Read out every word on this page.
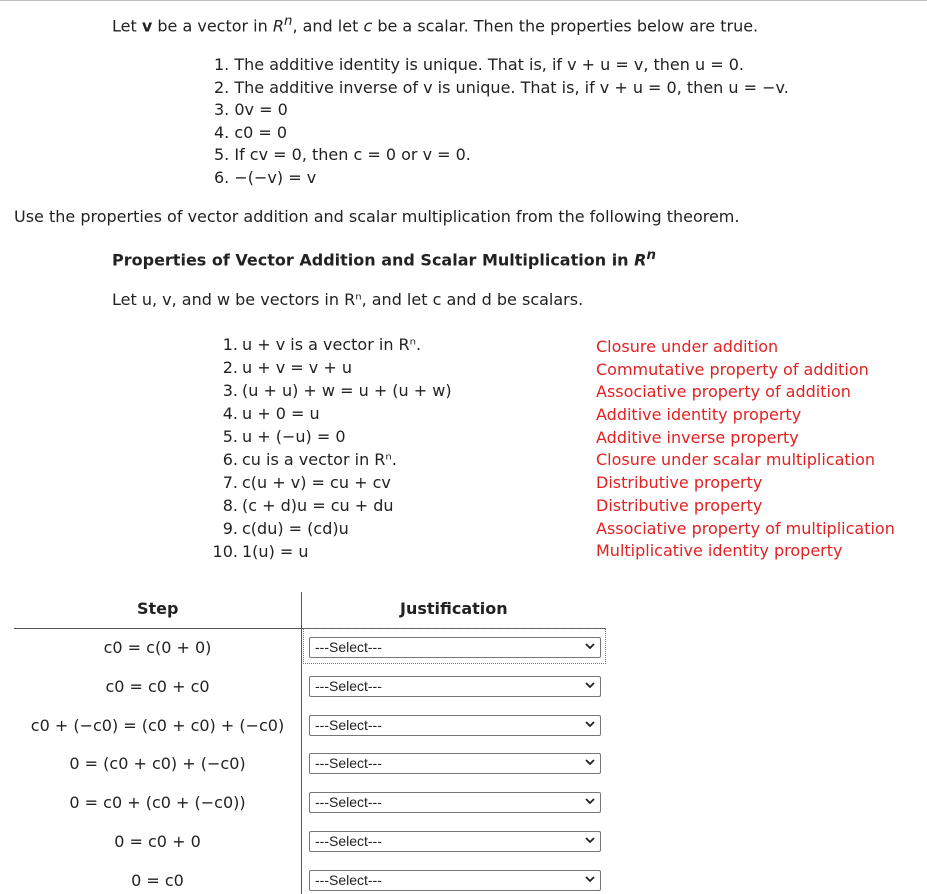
Let v be a vector in $R^n$, and let c be a scalar. Then the properties below are true.
1. The additive identity is unique. That is, if v + u = v, then u = 0.
2. The additive inverse of v is unique. That is, if v + u = 0, then u = −v.
3. 0v = 0
4. c0 = 0
5. If cv = 0, then c = 0 or v = 0.
6. −(−v) = v
Use the properties of vector addition and scalar multiplication from the following theorem.
Properties of Vector Addition and Scalar Multiplication in $R^n$
Let u, v, and w be vectors in Rⁿ, and let c and d be scalars.
1. u + v is a vector in Rⁿ.
2. u + v = v + u
3. (u + u) + w = u + (u + w)
4. u + 0 = u
5. u + (−u) = 0
6. cu is a vector in Rⁿ.
7. c(u + v) = cu + cv
8. (c + d)u = cu + du
9. c(du) = (cd)u
10. 1(u) = u
Closure under addition
Commutative property of addition
Associative property of addition
Additive identity property
Additive inverse property
Closure under scalar multiplication
Distributive property
Distributive property
Associative property of multiplication
Multiplicative identity property
Step	Justification
c0 = c(0 + 0)
c0 = c0 + c0
c0 + (−c0) = (c0 + c0) + (−c0)
0 = (c0 + c0) + (−c0)
0 = c0 + (c0 + (−c0))
0 = c0 + 0
0 = c0
---Select---
---Select---
---Select---
---Select---
---Select---
---Select---
---Select---
